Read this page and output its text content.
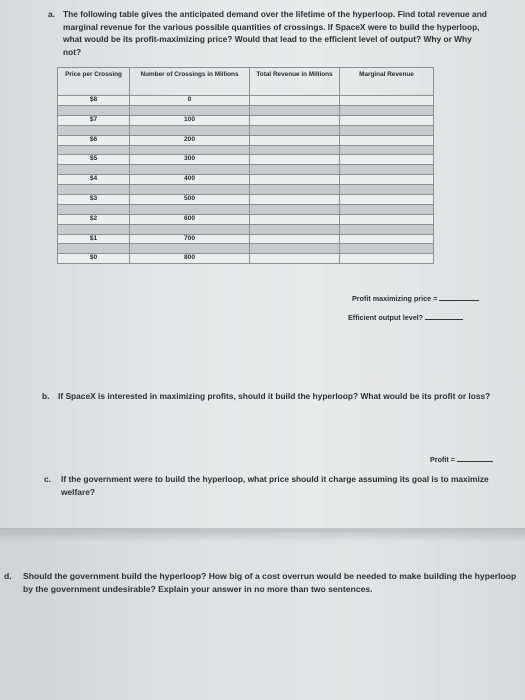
a. The following table gives the anticipated demand over the lifetime of the hyperloop. Find total revenue and marginal revenue for the various possible quantities of crossings. If SpaceX were to build the hyperloop, what would be its profit-maximizing price? Would that lead to the efficient level of output? Why or Why not?
Price per Crossing	Number of Crossings in Millions	Total Revenue in Millions	Marginal Revenue
$8	0		

$7	100		

$6	200		

$5	300		

$4	400		

$3	500		

$2	600		

$1	700		

$0	800		
Profit maximizing price =
Efficient output level?
b. If SpaceX is interested in maximizing profits, should it build the hyperloop? What would be its profit or loss?
Profit =
c. If the government were to build the hyperloop, what price should it charge assuming its goal is to maximize welfare?
d. Should the government build the hyperloop? How big of a cost overrun would be needed to make building the hyperloop by the government undesirable? Explain your answer in no more than two sentences.
